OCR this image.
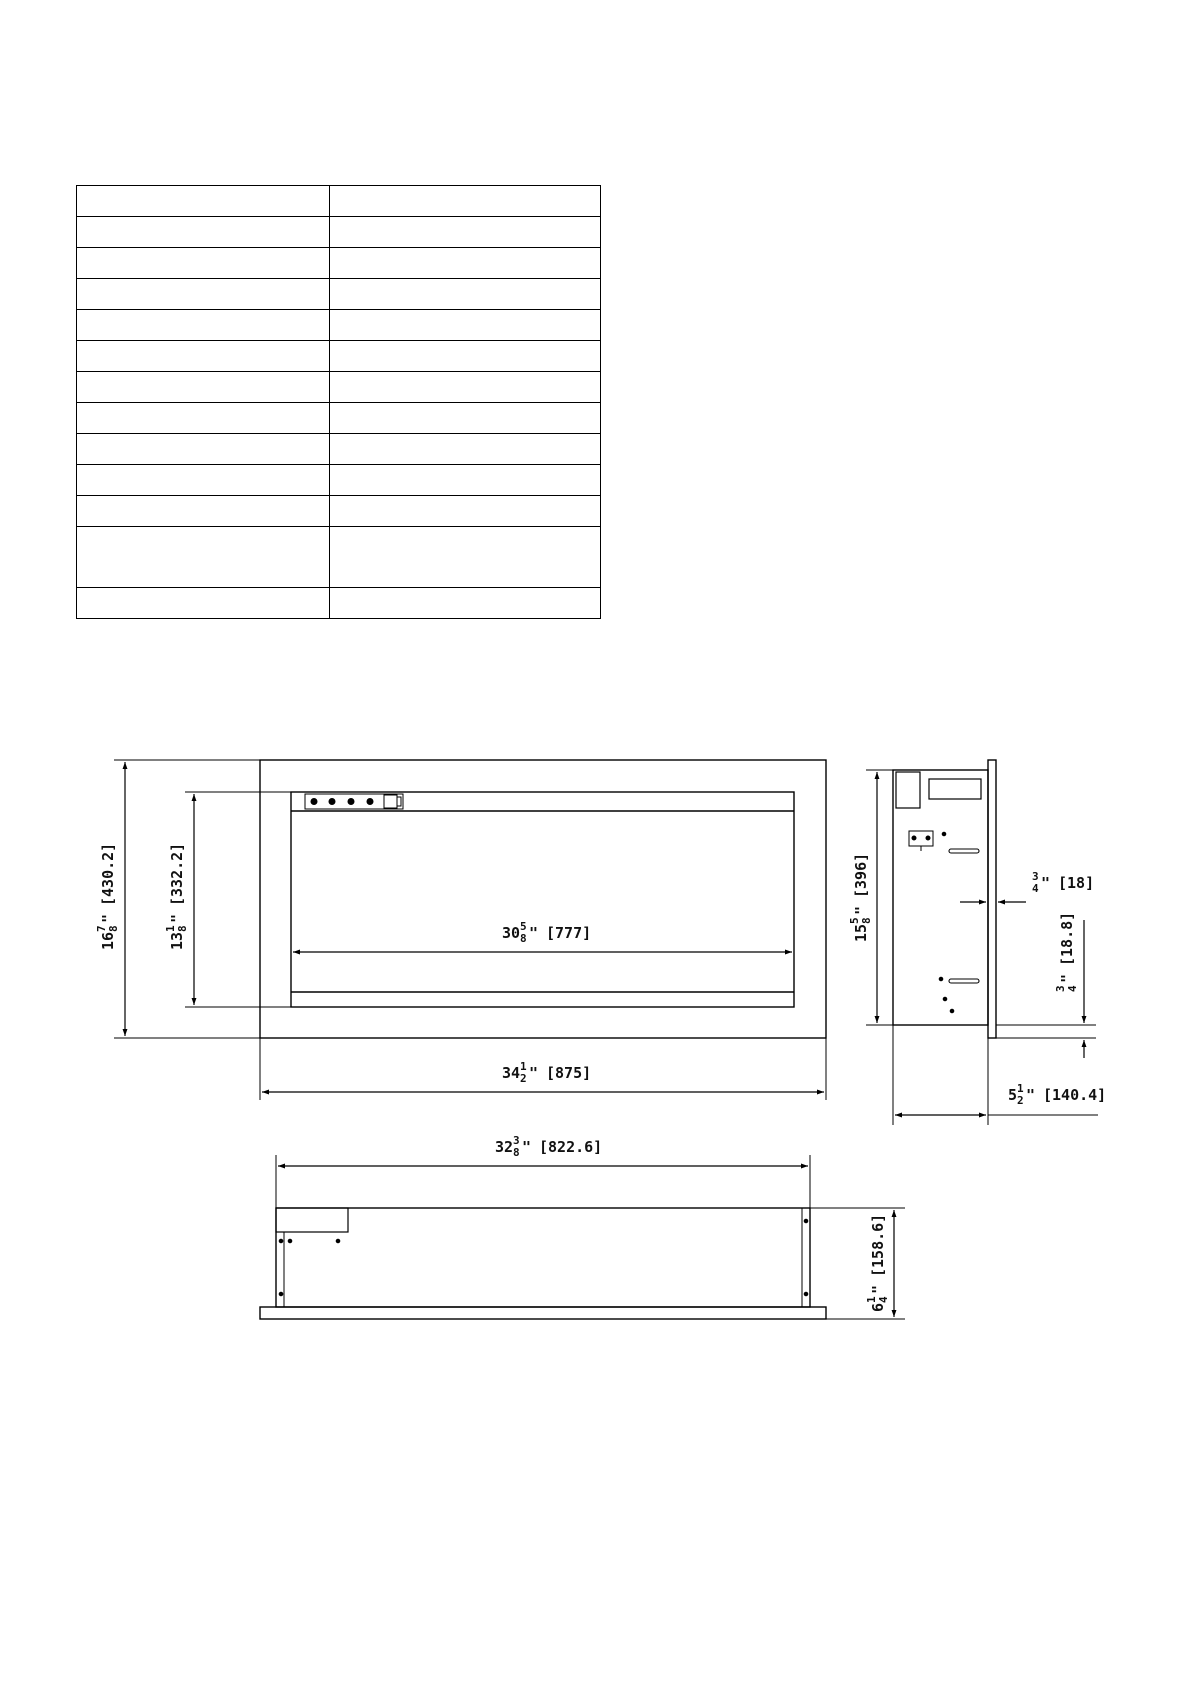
16
7 8
"
[430.2]
13
1 8
"
[332.2]
30 5
8 " [777]
34 1
2 " [875]
15
5 8
"
[396]	3
4 " [18]
3 4
"
[18.8]
5 1
2 " [140.4]
32 3
8 " [822.6]
6
1 4
"
[158.6]
